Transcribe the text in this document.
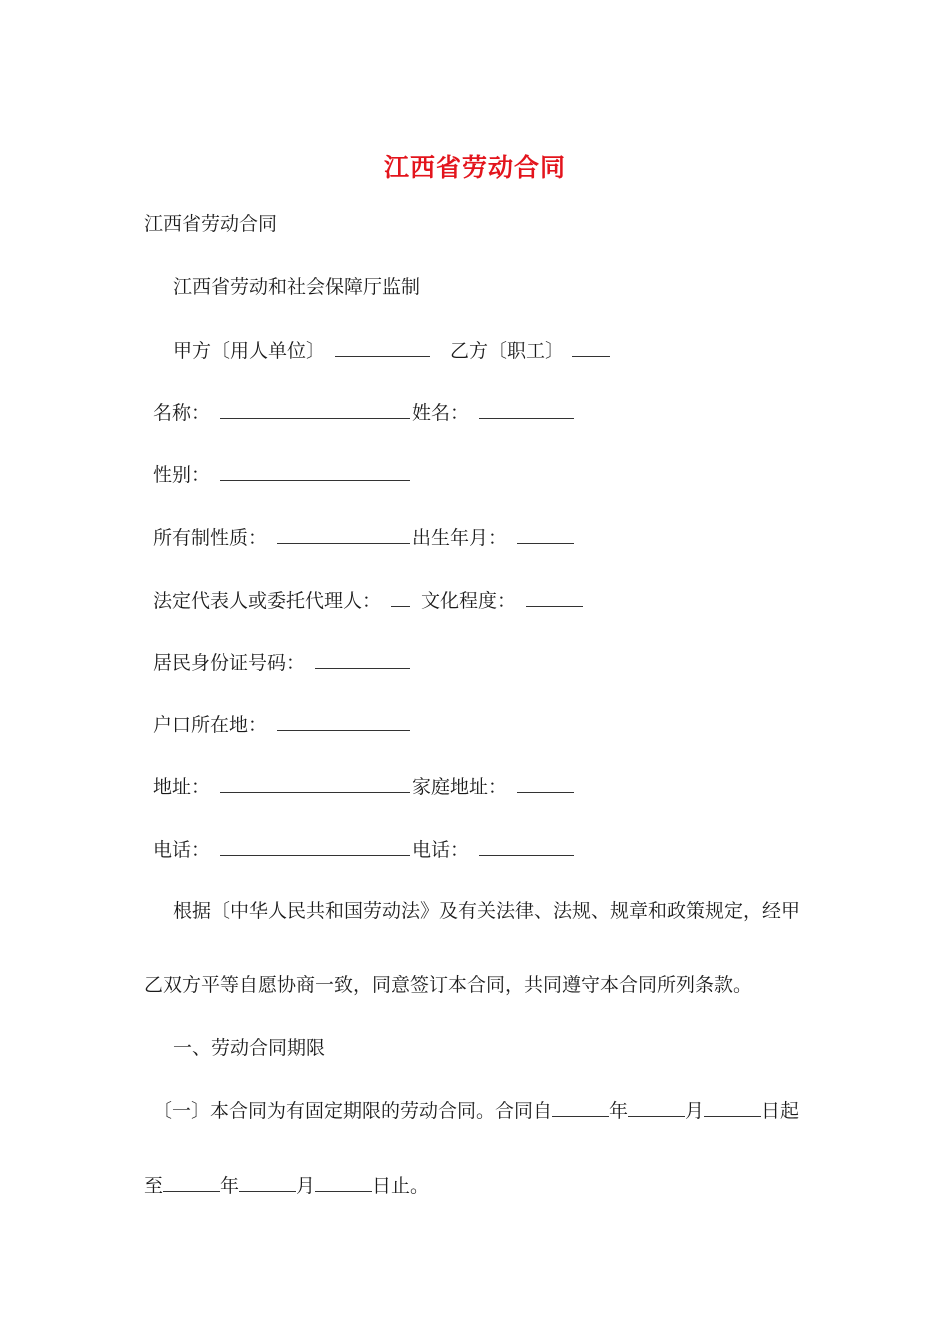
江西省劳动合同
江西省劳动合同
江西省劳动和社会保障厅监制
甲方〔用人单位〕	乙方〔职工〕
名称：	姓名：
性别：
所有制性质：	出生年月：
法定代表人或委托代理人：	文化程度：
居民身份证号码：
户口所在地：
地址：	家庭地址：
电话：	电话：
根据〔中华人民共和国劳动法》及有关法律、法规、规章和政策规定，经甲
乙双方平等自愿协商一致，同意签订本合同，共同遵守本合同所列条款。
一、劳动合同期限
〔一〕本合同为有固定期限的劳动合同。合同自	年	月	日起
至	年	月	日止。
